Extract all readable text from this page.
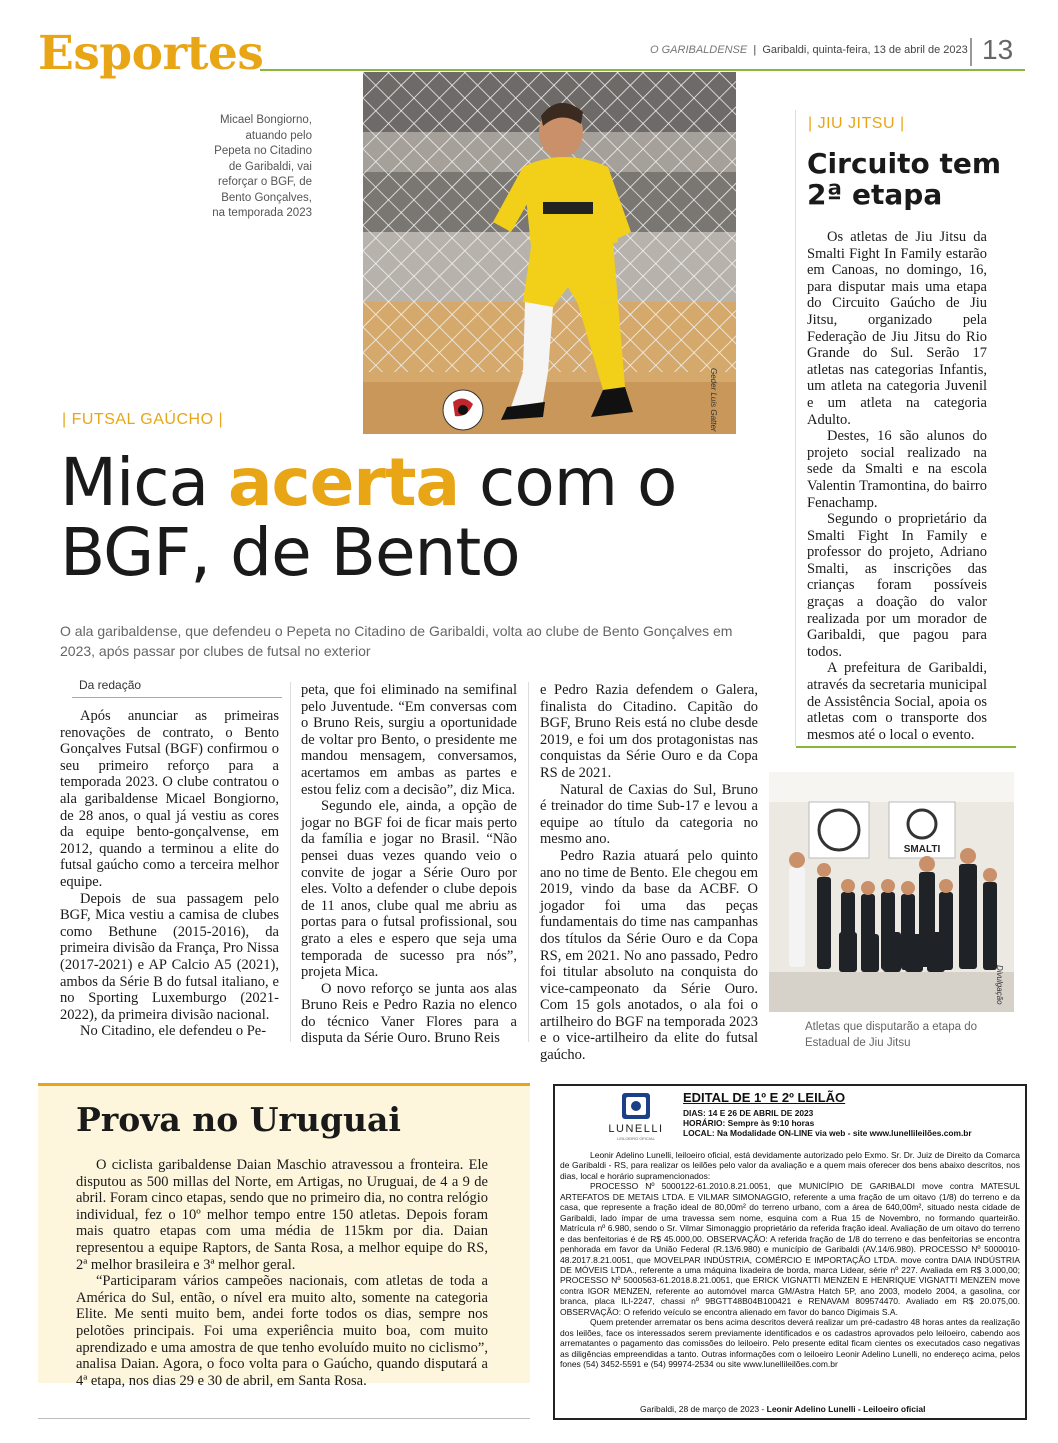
Esportes	O GARIBALDENSE  |  Garibaldi, quinta-feira, 13 de abril de 2023 13
Micael Bongiorno, atuando pelo Pepeta no Citadino de Garibaldi, vai reforçar o BGF, de Bento Gonçalves, na temporada 2023
Geder Luis Gatter
| FUTSAL GAÚCHO |
Mica acerta com o BGF, de Bento
O ala garibaldense, que defendeu o Pepeta no Citadino de Garibaldi, volta ao clube de Bento Gonçalves em 2023, após passar por clubes de futsal no exterior
Da redação

Após anunciar as primeiras renovações de contrato, o Bento Gonçalves Futsal (BGF) confirmou o seu primeiro reforço para a temporada 2023. O clube contratou o ala garibaldense Micael Bongiorno, de 28 anos, o qual já vestiu as cores da equipe bento-gonçalvense, em 2012, quando a terminou a elite do futsal gaúcho como a terceira melhor equipe.

Depois de sua passagem pelo BGF, Mica vestiu a camisa de clubes como Bethune (2015-2016), da primeira divisão da França, Pro Nissa (2017-2021) e AP Calcio A5 (2021), ambos da Série B do futsal italiano, e no Sporting Luxemburgo (2021-2022), da primeira divisão nacional.

No Citadino, ele defendeu o Pe-

peta, que foi eliminado na semifinal pelo Juventude. “Em conversas com o Bruno Reis, surgiu a oportunidade de voltar pro Bento, o presidente me mandou mensagem, conversamos, acertamos em ambas as partes e estou feliz com a decisão”, diz Mica.

Segundo ele, ainda, a opção de jogar no BGF foi de ficar mais perto da família e jogar no Brasil. “Não pensei duas vezes quando veio o convite de jogar a Série Ouro por eles. Volto a defender o clube depois de 11 anos, clube qual me abriu as portas para o futsal profissional, sou grato a eles e espero que seja uma temporada de sucesso pra nós”, projeta Mica.

O novo reforço se junta aos alas Bruno Reis e Pedro Razia no elenco do técnico Vaner Flores para a disputa da Série Ouro. Bruno Reis

e Pedro Razia defendem o Galera, finalista do Citadino. Capitão do BGF, Bruno Reis está no clube desde 2019, e foi um dos protagonistas nas conquistas da Série Ouro e da Copa RS de 2021.

Natural de Caxias do Sul, Bruno é treinador do time Sub-17 e levou a equipe ao título da categoria no mesmo ano.

Pedro Razia atuará pelo quinto ano no time de Bento. Ele chegou em 2019, vindo da base da ACBF. O jogador foi uma das peças fundamentais do time nas campanhas dos títulos da Série Ouro e da Copa RS, em 2021. No ano passado, Pedro foi titular absoluto na conquista do vice-campeonato da Série Ouro. Com 15 gols anotados, o ala foi o artilheiro do BGF na temporada 2023 e o vice-artilheiro da elite do futsal gaúcho.

| JIU JITSU |
Circuito tem 2ª etapa

Os atletas de Jiu Jitsu da Smalti Fight In Family estarão em Canoas, no domingo, 16, para disputar mais uma etapa do Circuito Gaúcho de Jiu Jitsu, organizado pela Federação de Jiu Jitsu do Rio Grande do Sul. Serão 17 atletas nas categorias Infantis, um atleta na categoria Juvenil e um atleta na categoria Adulto.

Destes, 16 são alunos do projeto social realizado na sede da Smalti e na escola Valentin Tramontina, do bairro Fenachamp.

Segundo o proprietário da Smalti Fight In Family e professor do projeto, Adriano Smalti, as inscrições das crianças foram possíveis graças a doação do valor realizada por um morador de Garibaldi, que pagou para todos.

A prefeitura de Garibaldi, através da secretaria municipal de Assistência Social, apoia os atletas com o transporte dos mesmos até o local o evento.

SMALTI
Divulgação
Atletas que disputarão a etapa do Estadual de Jiu Jitsu
Prova no Uruguai

O ciclista garibaldense Daian Maschio atravessou a fronteira. Ele disputou as 500 millas del Norte, em Artigas, no Uruguai, de 4 a 9 de abril. Foram cinco etapas, sendo que no primeiro dia, no contra relógio individual, fez o 10º melhor tempo entre 150 atletas. Depois foram mais quatro etapas com uma média de 115km por dia. Daian representou a equipe Raptors, de Santa Rosa, a melhor equipe do RS, 2ª melhor brasileira e 3ª melhor geral.

“Participaram vários campeões nacionais, com atletas de toda a América do Sul, então, o nível era muito alto, somente na categoria Elite. Me senti muito bem, andei forte todos os dias, sempre nos pelotões principais. Foi uma experiência muito boa, com muito aprendizado e uma amostra de que tenho evoluído muito no ciclismo”, analisa Daian. Agora, o foco volta para o Gaúcho, quando disputará a 4ª etapa, nos dias 29 e 30 de abril, em Santa Rosa.

LUNELLI
LEILOEIRO OFICIAL
EDITAL DE 1º E 2º LEILÃO
DIAS: 14 E 26 DE ABRIL DE 2023
HORÁRIO: Sempre às 9:10 horas
LOCAL: Na Modalidade ON-LINE via web - site www.lunellileilões.com.br

Leonir Adelino Lunelli, leiloeiro oficial, está devidamente autorizado pelo Exmo. Sr. Dr. Juiz de Direito da Comarca de Garibaldi - RS, para realizar os leilões pelo valor da avaliação e a quem mais oferecer dos bens abaixo descritos, nos dias, local e horário supramencionados:

PROCESSO Nº 5000122-61.2010.8.21.0051, que MUNICÍPIO DE GARIBALDI move contra MATESUL ARTEFATOS DE METAIS LTDA. E VILMAR SIMONAGGIO, referente a uma fração de um oitavo (1/8) do terreno e da casa, que represente a fração ideal de 80,00m² do terreno urbano, com a área de 640,00m², situado nesta cidade de Garibaldi, lado ímpar de uma travessa sem nome, esquina com a Rua 15 de Novembro, no formando quarteirão. Matrícula nº 6.980, sendo o Sr. Vilmar Simonaggio proprietário da referida fração ideal. Avaliação de um oitavo do terreno e das benfeitorias é de R$ 45.000,00. OBSERVAÇÃO: A referida fração de 1/8 do terreno e das benfeitorias se encontra penhorada em favor da União Federal (R.13/6.980) e município de Garibaldi (AV.14/6.980). PROCESSO Nº 5000010-48.2017.8.21.0051, que MOVELPAR INDÚSTRIA, COMÉRCIO E IMPORTAÇÃO LTDA. move contra DAIA INDÚSTRIA DE MÓVEIS LTDA., referente a uma máquina lixadeira de borda, marca Lidear, série nº 227. Avaliada em R$ 3.000,00; PROCESSO Nº 5000563-61.2018.8.21.0051, que ERICK VIGNATTI MENZEN E HENRIQUE VIGNATTI MENZEN move contra IGOR MENZEN, referente ao automóvel marca GM/Astra Hatch 5P, ano 2003, modelo 2004, a gasolina, cor branca, placa ILI-2247, chassi nº 9BGTT48B04B100421 e RENAVAM 809574470. Avaliado em R$ 20.075,00. OBSERVAÇÃO: O referido veículo se encontra alienado em favor do banco Digimais S.A.

Quem pretender arrematar os bens acima descritos deverá realizar um pré-cadastro 48 horas antes da realização dos leilões, face os interessados serem previamente identificados e os cadastros aprovados pelo leiloeiro, cabendo aos arrematantes o pagamento das comissões do leiloeiro. Pelo presente edital ficam cientes os executados caso negativas as diligências empreendidas a tanto. Outras informações com o leiloeiro Leonir Adelino Lunelli, no endereço acima, pelos fones (54) 3452-5591 e (54) 99974-2534 ou site www.lunellileilões.com.br

Garibaldi, 28 de março de 2023 - Leonir Adelino Lunelli - Leiloeiro oficial
